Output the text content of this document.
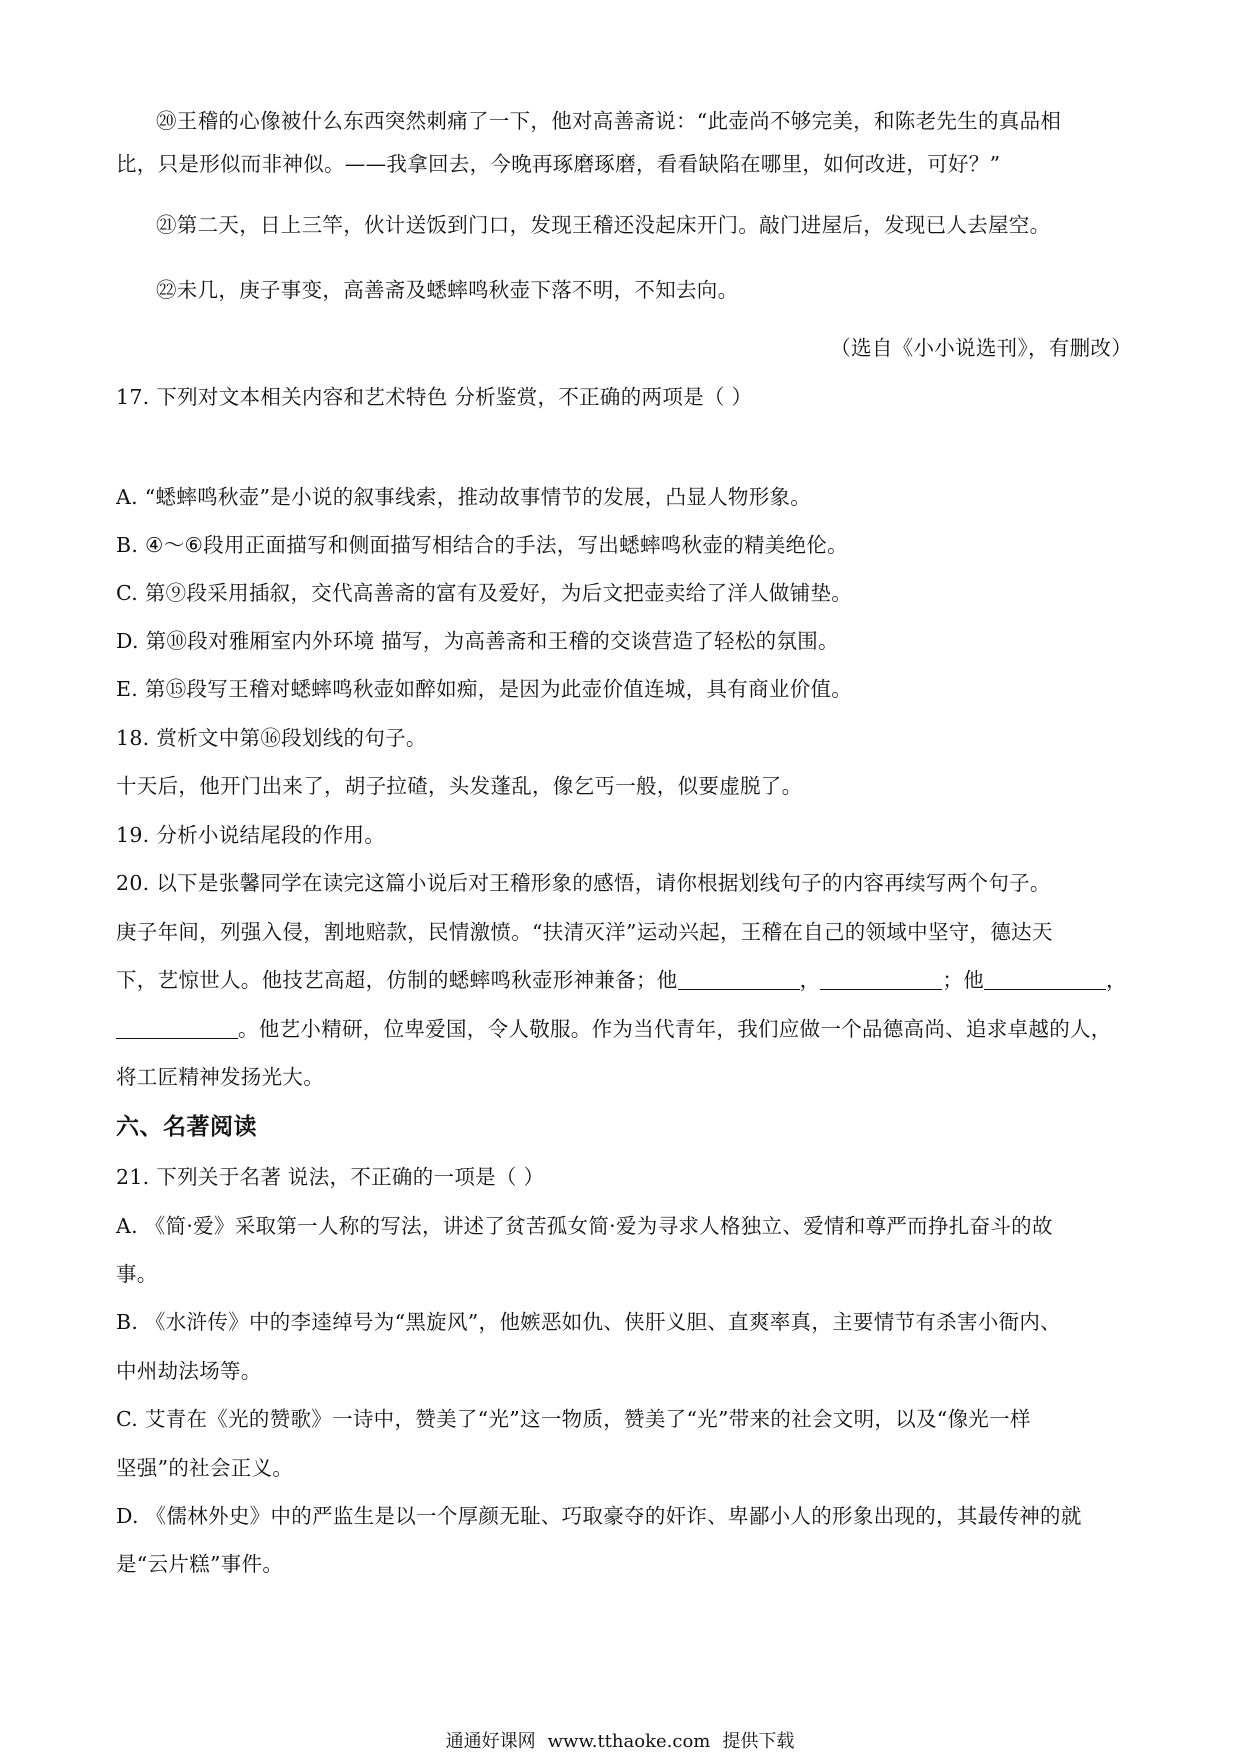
⑳王稽的心像被什么东西突然刺痛了一下，他对高善斋说：“此壶尚不够完美，和陈老先生的真品相
比，只是形似而非神似。——我拿回去，今晚再琢磨琢磨，看看缺陷在哪里，如何改进，可好？”
㉑第二天，日上三竿，伙计送饭到门口，发现王稽还没起床开门。敲门进屋后，发现已人去屋空。
㉒未几，庚子事变，高善斋及蟋蟀鸣秋壶下落不明，不知去向。
（选自《小小说选刊》，有删改）
17. 下列对文本相关内容和艺术特色 分析鉴赏，不正确的两项是（ ）
A. “蟋蟀鸣秋壶”是小说的叙事线索，推动故事情节的发展，凸显人物形象。
B. ④～⑥段用正面描写和侧面描写相结合的手法，写出蟋蟀鸣秋壶的精美绝伦。
C. 第⑨段采用插叙，交代高善斋的富有及爱好，为后文把壶卖给了洋人做铺垫。
D. 第⑩段对雅厢室内外环境 描写，为高善斋和王稽的交谈营造了轻松的氛围。
E. 第⑮段写王稽对蟋蟀鸣秋壶如醉如痴，是因为此壶价值连城，具有商业价值。
18. 赏析文中第⑯段划线的句子。
十天后，他开门出来了，胡子拉碴，头发蓬乱，像乞丐一般，似要虚脱了。
19. 分析小说结尾段的作用。
20. 以下是张馨同学在读完这篇小说后对王稽形象的感悟，请你根据划线句子的内容再续写两个句子。
庚子年间，列强入侵，割地赔款，民情激愤。“扶清灭洋”运动兴起，王稽在自己的领域中坚守，德达天
下，艺惊世人。他技艺高超，仿制的蟋蟀鸣秋壶形神兼备；他	，	；他	，
。他艺小精研，位卑爱国，令人敬服。作为当代青年，我们应做一个品德高尚、追求卓越的人，
将工匠精神发扬光大。
六、名著阅读
21. 下列关于名著 说法，不正确的一项是（ ）
A. 《简·爱》采取第一人称的写法，讲述了贫苦孤女简·爱为寻求人格独立、爱情和尊严而挣扎奋斗的故
事。
B. 《水浒传》中的李逵绰号为“黑旋风”，他嫉恶如仇、侠肝义胆、直爽率真，主要情节有杀害小衙内、
中州劫法场等。
C. 艾青在《光的赞歌》一诗中，赞美了“光”这一物质，赞美了“光”带来的社会文明，以及“像光一样
坚强”的社会正义。
D. 《儒林外史》中的严监生是以一个厚颜无耻、巧取豪夺的奸诈、卑鄙小人的形象出现的，其最传神的就
是“云片糕”事件。
通通好课网 www.tthaoke.com 提供下载
